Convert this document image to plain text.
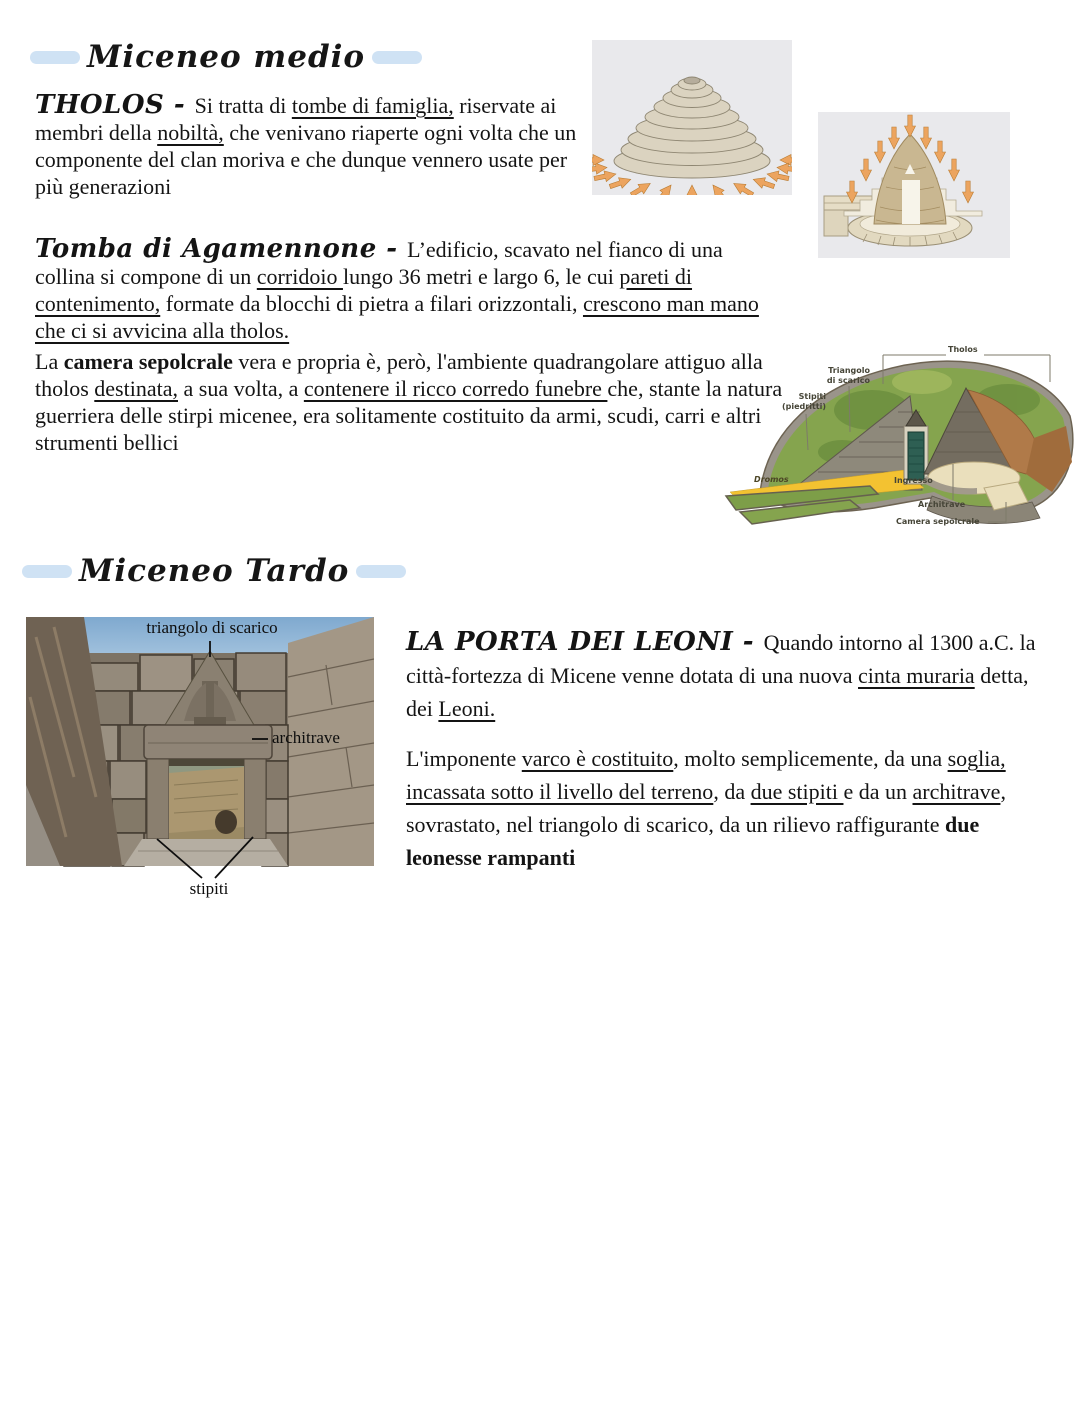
Miceneo medio

THOLOS - Si tratta di tombe di famiglia, riservate ai membri della nobiltà, che venivano riaperte ogni volta che un componente del clan moriva e che dunque vennero usate per più generazioni

Tomba di Agamennone - L’edificio, scavato nel fianco di una collina si compone di un corridoio lungo 36 metri e largo 6, le cui pareti di contenimento, formate da blocchi di pietra a filari orizzontali, crescono man mano che ci si avvicina alla tholos.

La camera sepolcrale vera e propria è, però, l'ambiente quadrangolare attiguo alla tholos destinata, a sua volta, a contenere il ricco corredo funebre che, stante la natura guerriera delle stirpi micenee, era solitamente costituito da armi, scudi, carri e altri strumenti bellici

Tholos
Triangolo
di scarico
Stipiti
(piedritti)
Dromos	Ingresso
Architrave
Camera sepolcrale
Miceneo Tardo
triangolo di scarico
architrave
stipiti

LA PORTA DEI LEONI - Quando intorno al 1300 a.C. la città-fortezza di Micene venne dotata di una nuova cinta muraria detta, dei Leoni.

L'imponente varco è costituito, molto semplicemente, da una soglia, incassata sotto il livello del terreno, da due stipiti e da un architrave, sovrastato, nel triangolo di scarico, da un rilievo raffigurante due leonesse rampanti
